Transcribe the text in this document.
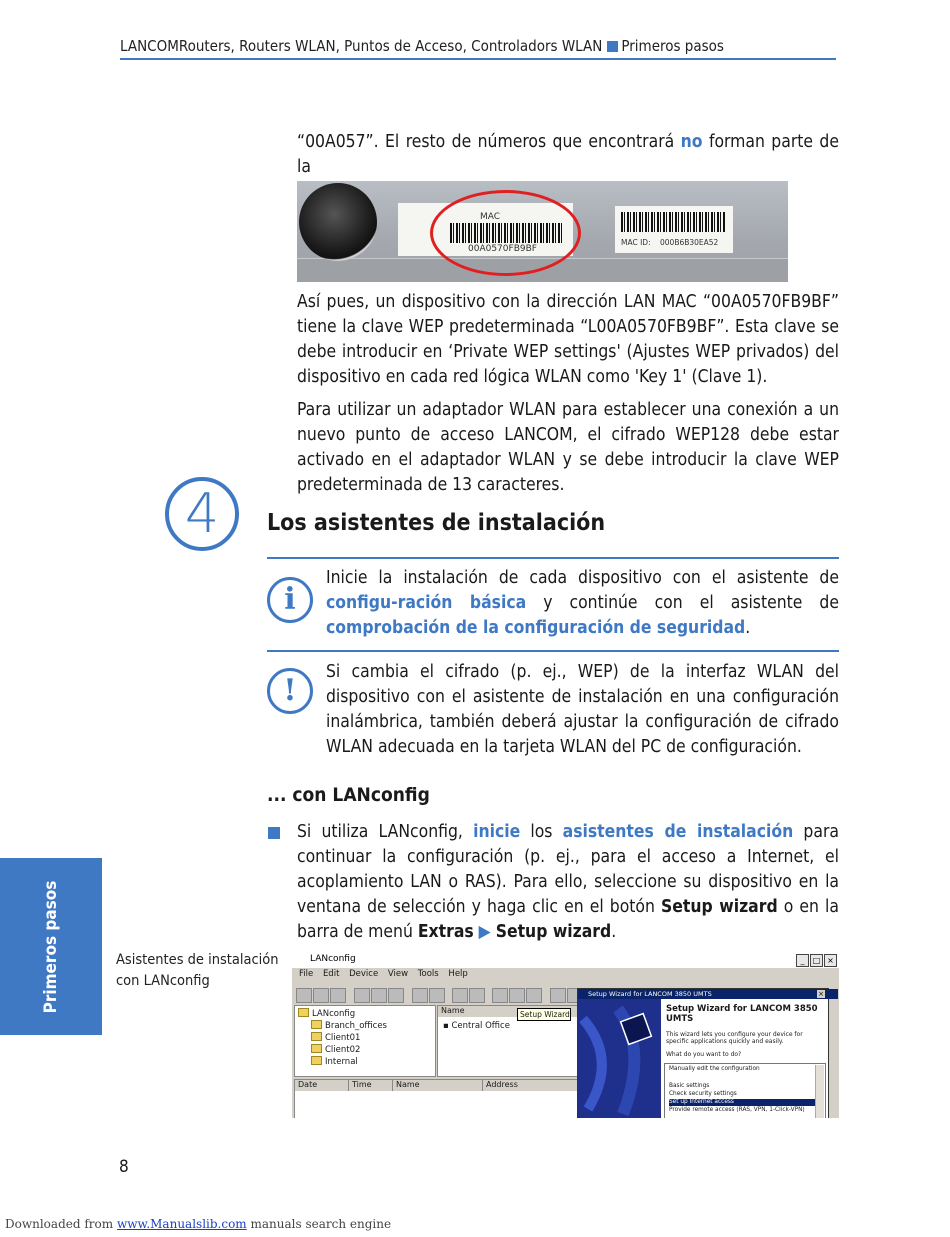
LANCOMRouters, Routers WLAN, Puntos de Acceso, Controladors WLAN Primeros pasos
“00A057”. El resto de números que encontrará no forman parte de la
MAC
00A0570FB9BF
MAC ID: 000B6B30EA52
Así pues, un dispositivo con la dirección LAN MAC “00A0570FB9BF” tiene la clave WEP predeterminada “L00A0570FB9BF”. Esta clave se debe introducir en ‘Private WEP settings' (Ajustes WEP privados) del dispositivo en cada red lógica WLAN como 'Key 1' (Clave 1).
Para utilizar un adaptador WLAN para establecer una conexión a un nuevo punto de acceso LANCOM, el cifrado WEP128 debe estar activado en el adaptador WLAN y se debe introducir la clave WEP predeterminada de 13 caracteres.
4	Los asistentes de instalación
i
Inicie la instalación de cada dispositivo con el asistente de configu-ración básica y continúe con el asistente de comprobación de la configuración de seguridad.
!
Si cambia el cifrado (p. ej., WEP) de la interfaz WLAN del dispositivo con el asistente de instalación en una configuración inalámbrica, también deberá ajustar la configuración de cifrado WLAN adecuada en la tarjeta WLAN del PC de configuración.
... con LANconfig
Si utiliza LANconfig, inicie los asistentes de instalación para continuar la configuración (p. ej., para el acceso a Internet, el acoplamiento LAN o RAS). Para ello, seleccione su dispositivo en la ventana de selección y haga clic en el botón Setup wizard o en la barra de menú Extras ▶ Setup wizard.
Primeros pasos	Asistentes de instalación
con LANconfig
LANconfig	_	□ ×
File Edit Device View Tools Help
LANconfig
Branch_offices
Client01
Client02
Internal
Name
▪ Central Office
Setup Wizard
Date	Time	Name	Address
Setup Wizard for LANCOM 3850 UMTS	×
Setup Wizard for LANCOM 3850 UMTS
This wizard lets you configure your device for specific applications quickly and easily.
What do you want to do?
Manually edit the configuration
Basic settings
Check security settings
Set up Internet access
Provide remote access (RAS, VPN, 1-Click-VPN)
8
Downloaded from www.Manualslib.com manuals search engine
